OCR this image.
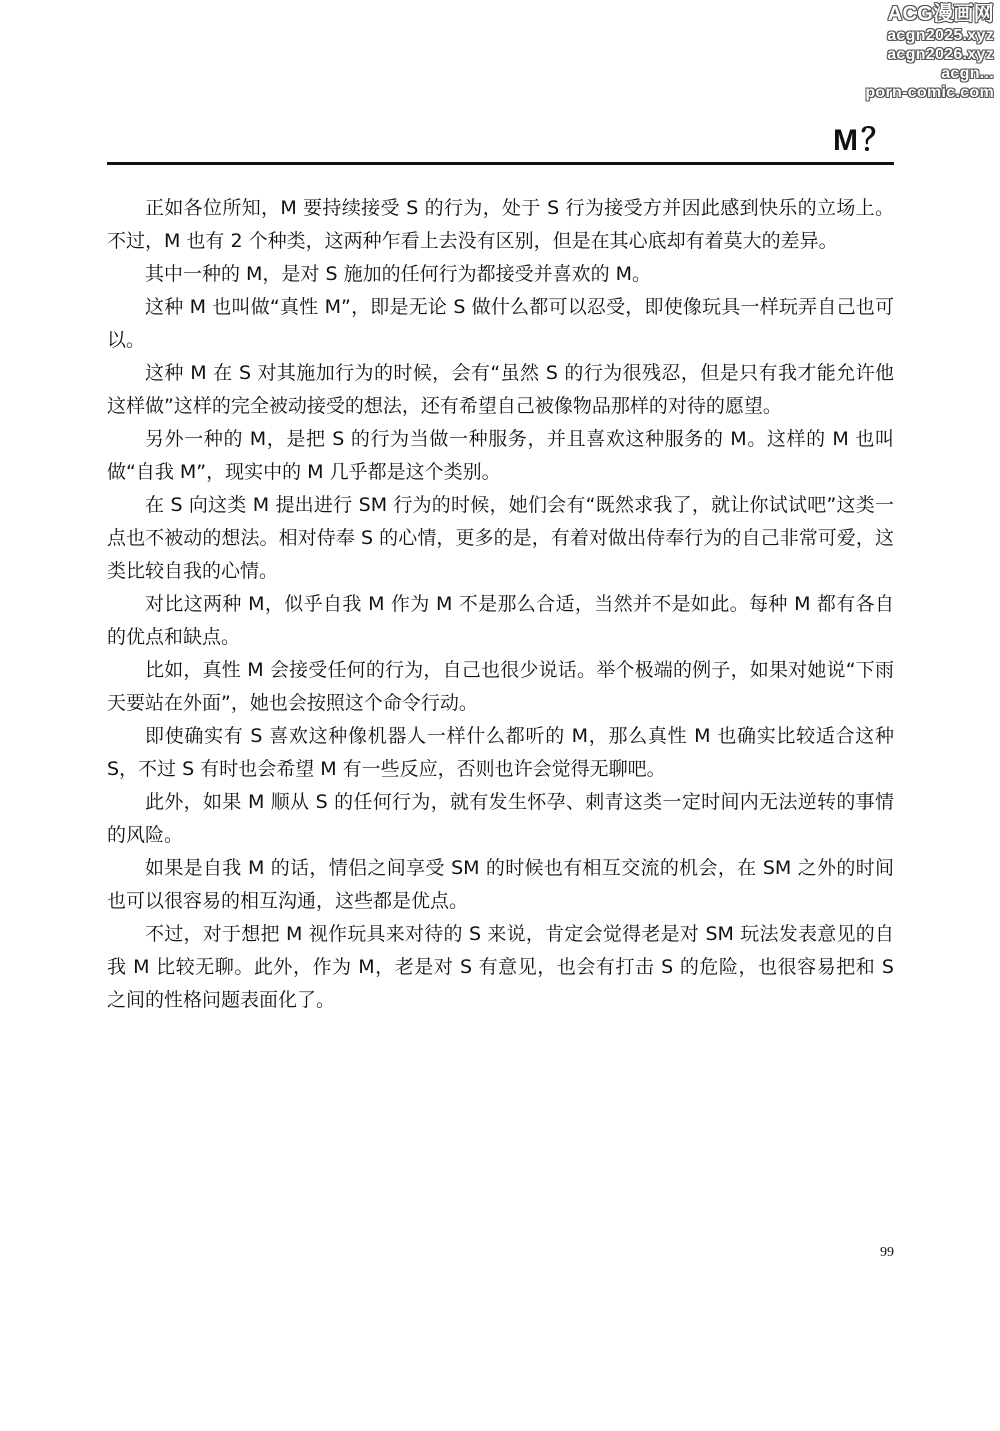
ACG漫画网
acgn2025.xyz
acgn2026.xyz
acgn...
porn-comic.com
M？

正如各位所知，M 要持续接受 S 的行为，处于 S 行为接受方并因此感到快乐的立场上。不过，M 也有 2 个种类，这两种乍看上去没有区别，但是在其心底却有着莫大的差异。

其中一种的 M，是对 S 施加的任何行为都接受并喜欢的 M。

这种 M 也叫做“真性 M”，即是无论 S 做什么都可以忍受，即使像玩具一样玩弄自己也可以。

这种 M 在 S 对其施加行为的时候，会有“虽然 S 的行为很残忍，但是只有我才能允许他这样做”这样的完全被动接受的想法，还有希望自己被像物品那样的对待的愿望。

另外一种的 M，是把 S 的行为当做一种服务，并且喜欢这种服务的 M。这样的 M 也叫做“自我 M”，现实中的 M 几乎都是这个类别。

在 S 向这类 M 提出进行 SM 行为的时候，她们会有“既然求我了，就让你试试吧”这类一点也不被动的想法。相对侍奉 S 的心情，更多的是，有着对做出侍奉行为的自己非常可爱，这类比较自我的心情。

对比这两种 M，似乎自我 M 作为 M 不是那么合适，当然并不是如此。每种 M 都有各自的优点和缺点。

比如，真性 M 会接受任何的行为，自己也很少说话。举个极端的例子，如果对她说“下雨天要站在外面”，她也会按照这个命令行动。

即使确实有 S 喜欢这种像机器人一样什么都听的 M，那么真性 M 也确实比较适合这种 S，不过 S 有时也会希望 M 有一些反应，否则也许会觉得无聊吧。

此外，如果 M 顺从 S 的任何行为，就有发生怀孕、刺青这类一定时间内无法逆转的事情的风险。

如果是自我 M 的话，情侣之间享受 SM 的时候也有相互交流的机会，在 SM 之外的时间也可以很容易的相互沟通，这些都是优点。

不过，对于想把 M 视作玩具来对待的 S 来说，肯定会觉得老是对 SM 玩法发表意见的自我 M 比较无聊。此外，作为 M，老是对 S 有意见，也会有打击 S 的危险，也很容易把和 S 之间的性格问题表面化了。

99
